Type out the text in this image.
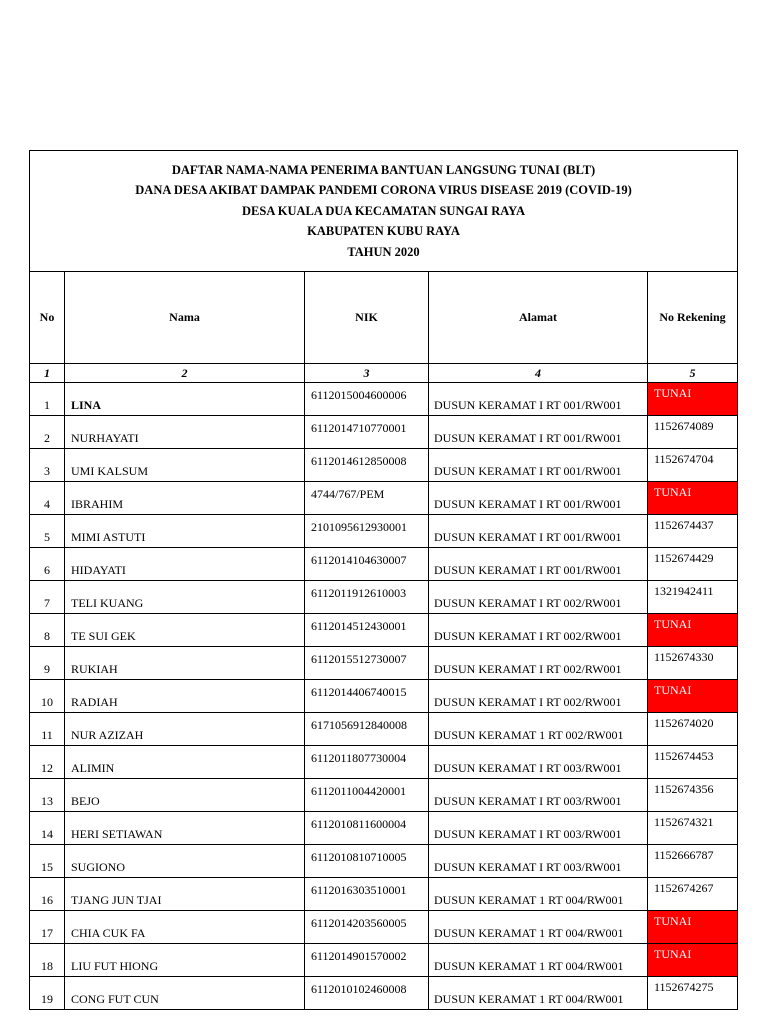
DAFTAR NAMA-NAMA PENERIMA BANTUAN LANGSUNG TUNAI (BLT)
DANA DESA AKIBAT DAMPAK PANDEMI CORONA VIRUS DISEASE 2019 (COVID-19)
DESA KUALA DUA KECAMATAN SUNGAI RAYA
KABUPATEN KUBU RAYA
TAHUN 2020				

No	Nama	NIK	Alamat	No Rekening
1	2	3	4	5
1	LINA	6112015004600006	DUSUN KERAMAT I RT 001/RW001	TUNAI
2	NURHAYATI	6112014710770001	DUSUN KERAMAT I RT 001/RW001	1152674089
3	UMI KALSUM	6112014612850008	DUSUN KERAMAT I RT 001/RW001	1152674704
4	IBRAHIM	4744/767/PEM	DUSUN KERAMAT I RT 001/RW001	TUNAI
5	MIMI ASTUTI	2101095612930001	DUSUN KERAMAT I RT 001/RW001	1152674437
6	HIDAYATI	6112014104630007	DUSUN KERAMAT I RT 001/RW001	1152674429
7	TELI KUANG	6112011912610003	DUSUN KERAMAT I RT 002/RW001	1321942411
8	TE SUI GEK	6112014512430001	DUSUN KERAMAT I RT 002/RW001	TUNAI
9	RUKIAH	6112015512730007	DUSUN KERAMAT I RT 002/RW001	1152674330
10	RADIAH	6112014406740015	DUSUN KERAMAT I RT 002/RW001	TUNAI
11	NUR AZIZAH	6171056912840008	DUSUN KERAMAT 1 RT 002/RW001	1152674020
12	ALIMIN	6112011807730004	DUSUN KERAMAT I RT 003/RW001	1152674453
13	BEJO	6112011004420001	DUSUN KERAMAT I RT 003/RW001	1152674356
14	HERI SETIAWAN	6112010811600004	DUSUN KERAMAT I RT 003/RW001	1152674321
15	SUGIONO	6112010810710005	DUSUN KERAMAT I RT 003/RW001	1152666787
16	TJANG JUN TJAI	6112016303510001	DUSUN KERAMAT 1 RT 004/RW001	1152674267
17	CHIA CUK FA	6112014203560005	DUSUN KERAMAT 1 RT 004/RW001	TUNAI
18	LIU FUT HIONG	6112014901570002	DUSUN KERAMAT 1 RT 004/RW001	TUNAI
19	CONG FUT CUN	6112010102460008	DUSUN KERAMAT 1 RT 004/RW001	1152674275
